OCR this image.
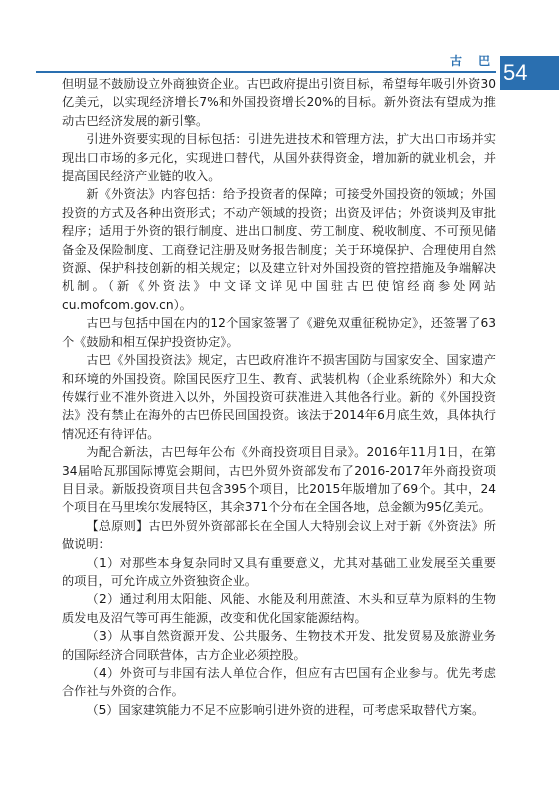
古 巴 54

但明显不鼓励设立外商独资企业。古巴政府提出引资目标，希望每年吸引外资30亿美元，以实现经济增长7%和外国投资增长20%的目标。新外资法有望成为推动古巴经济发展的新引擎。

引进外资要实现的目标包括：引进先进技术和管理方法，扩大出口市场并实现出口市场的多元化，实现进口替代，从国外获得资金，增加新的就业机会，并提高国民经济产业链的收入。

新《外资法》内容包括：给予投资者的保障；可接受外国投资的领域；外国投资的方式及各种出资形式；不动产领域的投资；出资及评估；外资谈判及审批程序；适用于外资的银行制度、进出口制度、劳工制度、税收制度、不可预见储备金及保险制度、工商登记注册及财务报告制度；关于环境保护、合理使用自然资源、保护科技创新的相关规定；以及建立针对外国投资的管控措施及争端解决机制。（新《外资法》中文译文详见中国驻古巴使馆经商参处网站cu.mofcom.gov.cn）。

古巴与包括中国在内的12个国家签署了《避免双重征税协定》，还签署了63个《鼓励和相互保护投资协定》。

古巴《外国投资法》规定，古巴政府准许不损害国防与国家安全、国家遗产和环境的外国投资。除国民医疗卫生、教育、武装机构（企业系统除外）和大众传媒行业不准外资进入以外，外国投资可获准进入其他各行业。新的《外国投资法》没有禁止在海外的古巴侨民回国投资。该法于2014年6月底生效，具体执行情况还有待评估。

为配合新法，古巴每年公布《外商投资项目目录》。2016年11月1日，在第34届哈瓦那国际博览会期间，古巴外贸外资部发布了2016-2017年外商投资项目目录。新版投资项目共包含395个项目，比2015年版增加了69个。其中，24个项目在马里埃尔发展特区，其余371个分布在全国各地，总金额为95亿美元。

【总原则】古巴外贸外资部部长在全国人大特别会议上对于新《外资法》所做说明：

（1）对那些本身复杂同时又具有重要意义，尤其对基础工业发展至关重要的项目，可允许成立外资独资企业。

（2）通过利用太阳能、风能、水能及利用蔗渣、木头和豆草为原料的生物质发电及沼气等可再生能源，改变和优化国家能源结构。

（3）从事自然资源开发、公共服务、生物技术开发、批发贸易及旅游业务的国际经济合同联营体，古方企业必须控股。

（4）外资可与非国有法人单位合作，但应有古巴国有企业参与。优先考虑合作社与外资的合作。

（5）国家建筑能力不足不应影响引进外资的进程，可考虑采取替代方案。
